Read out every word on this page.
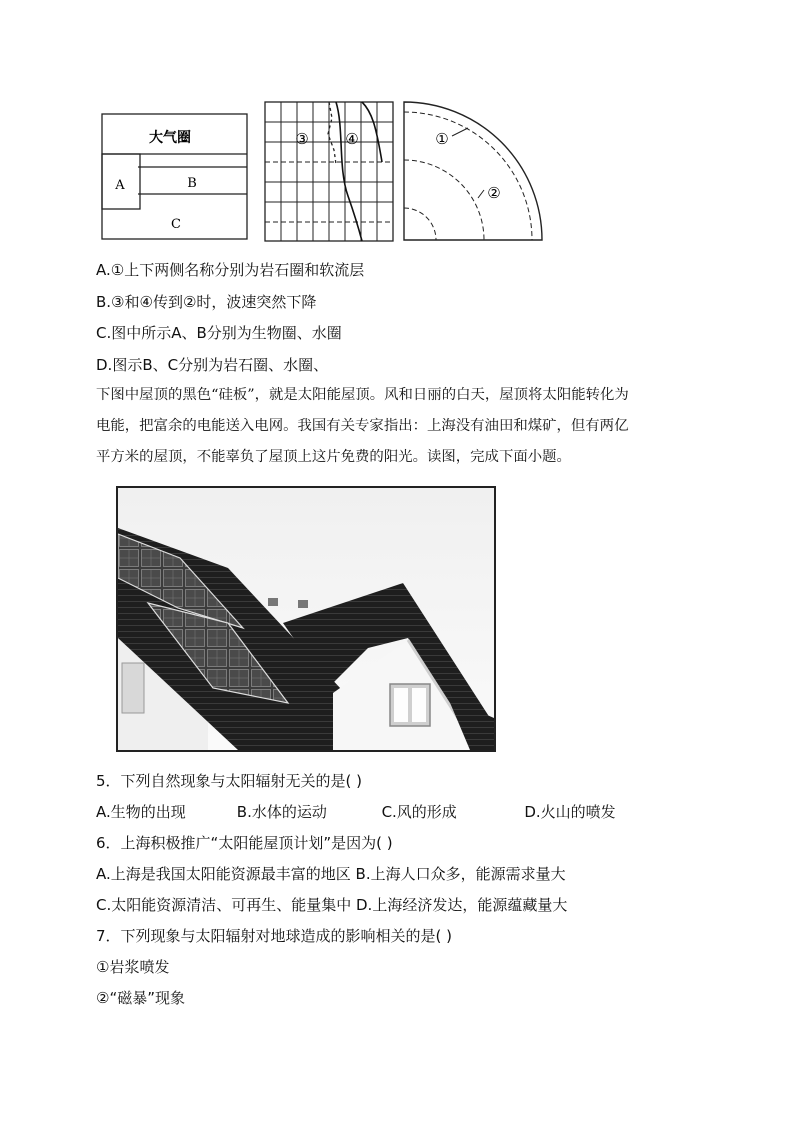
大气圈
A	B
C
③ ④	①
②
A.①上下两侧名称分别为岩石圈和软流层
B.③和④传到②时，波速突然下降
C.图中所示A、B分别为生物圈、水圈
D.图示B、C分别为岩石圈、水圈、
下图中屋顶的黑色“硅板”，就是太阳能屋顶。风和日丽的白天，屋顶将太阳能转化为
电能，把富余的电能送入电网。我国有关专家指出：上海没有油田和煤矿，但有两亿
平方米的屋顶，不能辜负了屋顶上这片免费的阳光。读图，完成下面小题。
5．下列自然现象与太阳辐射无关的是( )
A.生物的出现	B.水体的运动	C.风的形成	D.火山的喷发
6．上海积极推广“太阳能屋顶计划”是因为( )
A.上海是我国太阳能资源最丰富的地区 B.上海人口众多，能源需求量大
C.太阳能资源清洁、可再生、能量集中 D.上海经济发达，能源蕴藏量大
7．下列现象与太阳辐射对地球造成的影响相关的是( )
①岩浆喷发
②“磁暴”现象
